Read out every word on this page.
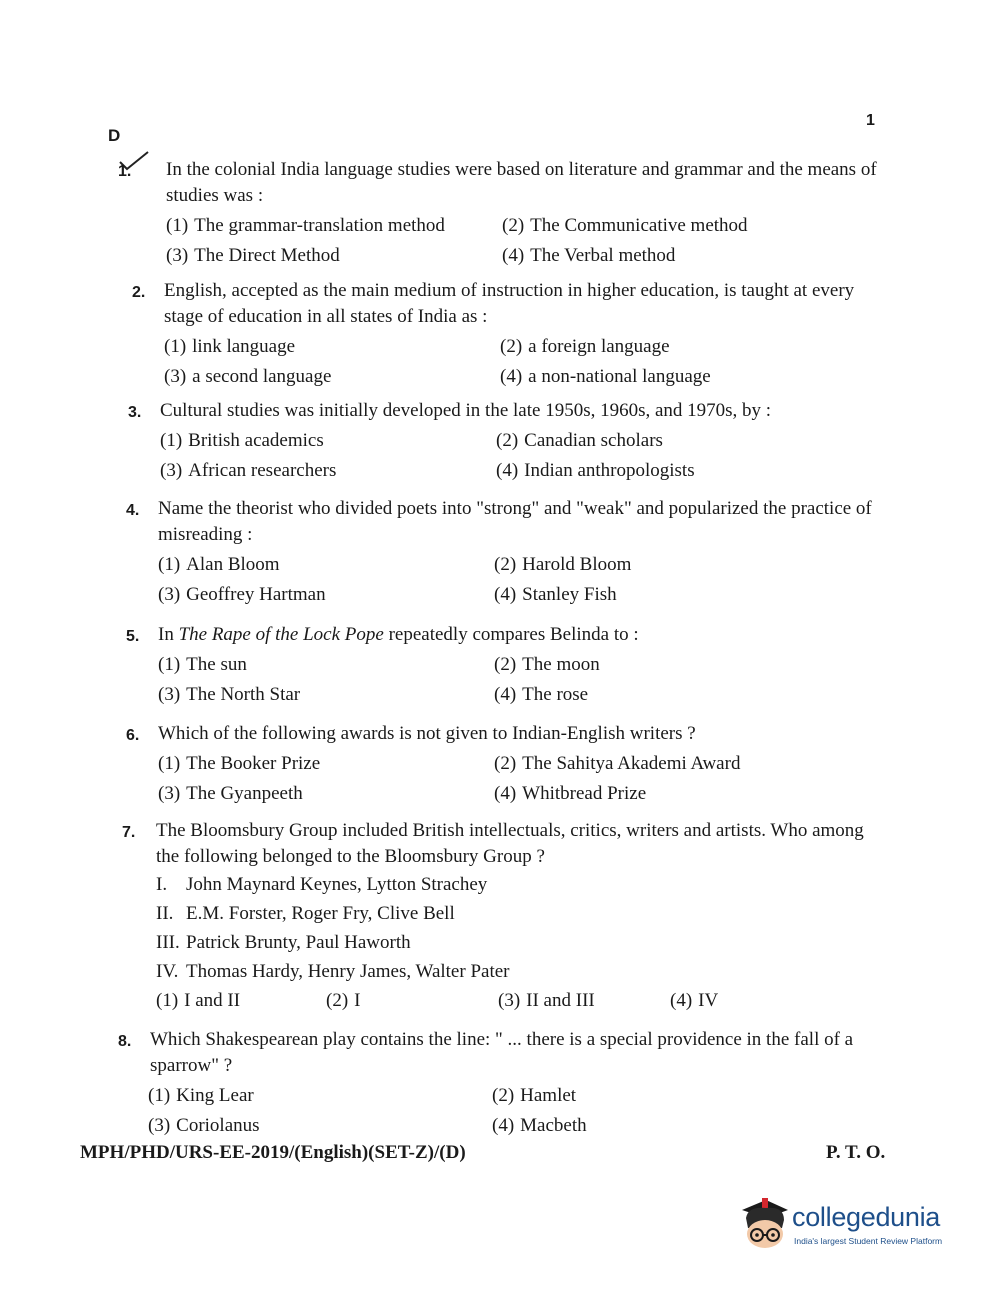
D
1
1.	In the colonial India language studies were based on literature and grammar and the means of studies was :
(1) The grammar-translation method	(2) The Communicative method
(3) The Direct Method	(4) The Verbal method
2. English, accepted as the main medium of instruction in higher education, is taught at every stage of education in all states of India as :
(1) link language	(2) a foreign language
(3) a second language	(4) a non-national language
3. Cultural studies was initially developed in the late 1950s, 1960s, and 1970s, by :
(1) British academics	(2) Canadian scholars
(3) African researchers	(4) Indian anthropologists
4. Name the theorist who divided poets into "strong" and "weak" and popularized the practice of misreading :
(1) Alan Bloom	(2) Harold Bloom
(3) Geoffrey Hartman	(4) Stanley Fish
5. In The Rape of the Lock Pope repeatedly compares Belinda to :
(1) The sun	(2) The moon
(3) The North Star	(4) The rose
6. Which of the following awards is not given to Indian-English writers ?
(1) The Booker Prize	(2) The Sahitya Akademi Award
(3) The Gyanpeeth	(4) Whitbread Prize
7.	The Bloomsbury Group included British intellectuals, critics, writers and artists. Who among the following belonged to the Bloomsbury Group ?
I. John Maynard Keynes, Lytton Strachey
II. E.M. Forster, Roger Fry, Clive Bell
III. Patrick Brunty, Paul Haworth
IV. Thomas Hardy, Henry James, Walter Pater
(1) I and II	(2) I	(3) II and III	(4) IV
8. Which Shakespearean play contains the line: " ... there is a special providence in the fall of a sparrow" ?
(1) King Lear	(2) Hamlet
(3) Coriolanus	(4) Macbeth
MPH/PHD/URS-EE-2019/(English)(SET-Z)/(D)	P. T. O.
collegedunia
India's largest Student Review Platform
